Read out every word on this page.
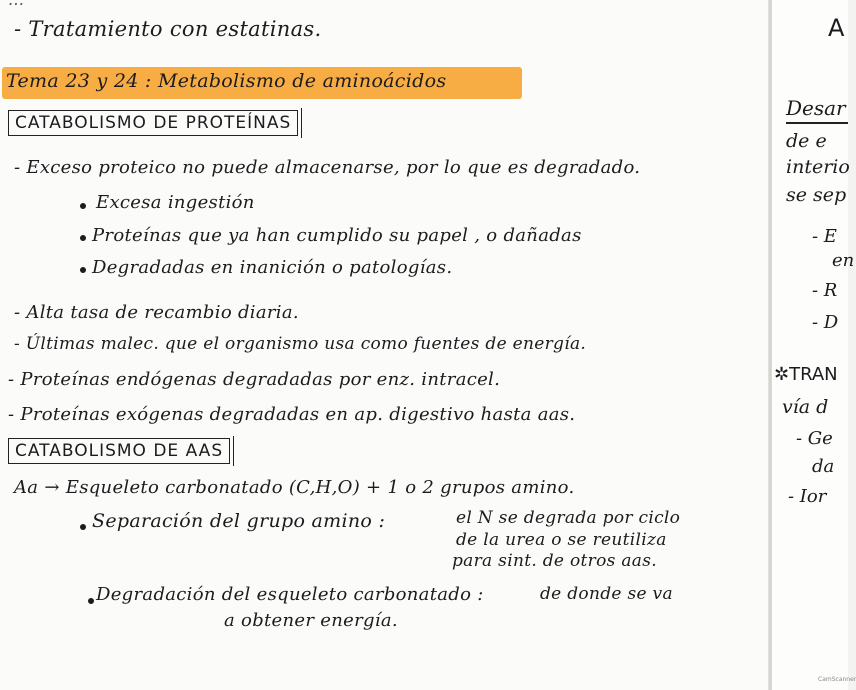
- Tratamiento con estatinas.
Tema 23 y 24 : Metabolismo de aminoácidos
CATABOLISMO DE PROTEÍNAS
- Exceso proteico no puede almacenarse, por lo que es degradado.
Excesa ingestión
Proteínas que ya han cumplido su papel , o dañadas
Degradadas en inanición o patologías.
- Alta tasa de recambio diaria.
- Últimas malec. que el organismo usa como fuentes de energía.
- Proteínas endógenas degradadas por enz. intracel.
- Proteínas exógenas degradadas en ap. digestivo hasta aas.
CATABOLISMO DE AAS
Aa → Esqueleto carbonatado (C,H,O) + 1 o 2 grupos amino.
Separación del grupo amino :	el N se degrada por ciclo
de la urea o se reutiliza
para sint. de otros aas.
Degradación del esqueleto carbonatado :	de donde se va
a obtener energía.
A
Desar
de e
interio
se sep
- E
en
- R
- D
✲TRAN
vía d
- Ge
da
- Ior
CamScanner
